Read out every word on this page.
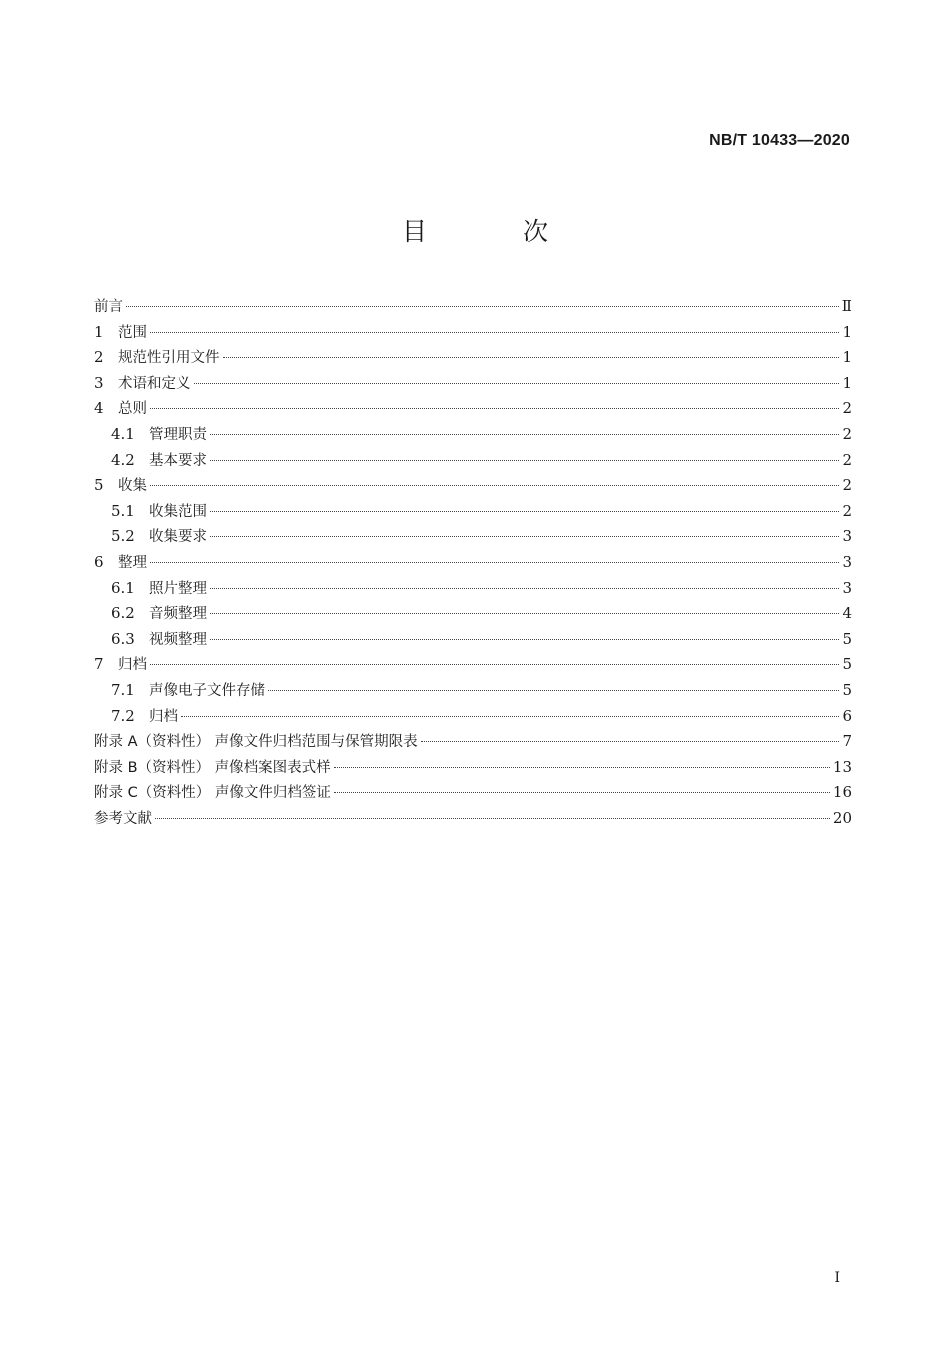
NB/T 10433—2020
目 次
前言	Ⅱ
1 范围	1
2 规范性引用文件	1
3 术语和定义	1
4 总则	2
4.1 管理职责	2
4.2 基本要求	2
5 收集	2
5.1 收集范围	2
5.2 收集要求	3
6 整理	3
6.1 照片整理	3
6.2 音频整理	4
6.3 视频整理	5
7 归档	5
7.1 声像电子文件存储	5
7.2 归档	6
附录 A（资料性） 声像文件归档范围与保管期限表	7
附录 B（资料性） 声像档案图表式样	13
附录 C（资料性） 声像文件归档签证	16
参考文献	20
I
